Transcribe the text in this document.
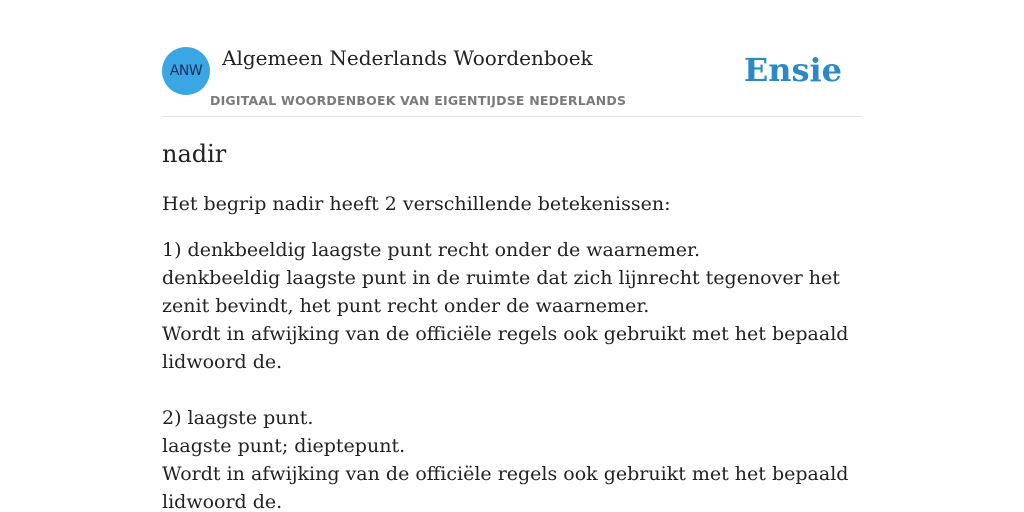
ANW
Algemeen Nederlands Woordenboek
DIGITAAL WOORDENBOEK VAN EIGENTIJDSE NEDERLANDS
Ensie
nadir

Het begrip nadir heeft 2 verschillende betekenissen:

1) denkbeeldig laagste punt recht onder de waarnemer.
denkbeeldig laagste punt in de ruimte dat zich lijnrecht tegenover het zenit bevindt, het punt recht onder de waarnemer.
Wordt in afwijking van de officiële regels ook gebruikt met het bepaald lidwoord de.
2) laagste punt.
laagste punt; dieptepunt.
Wordt in afwijking van de officiële regels ook gebruikt met het bepaald lidwoord de.
